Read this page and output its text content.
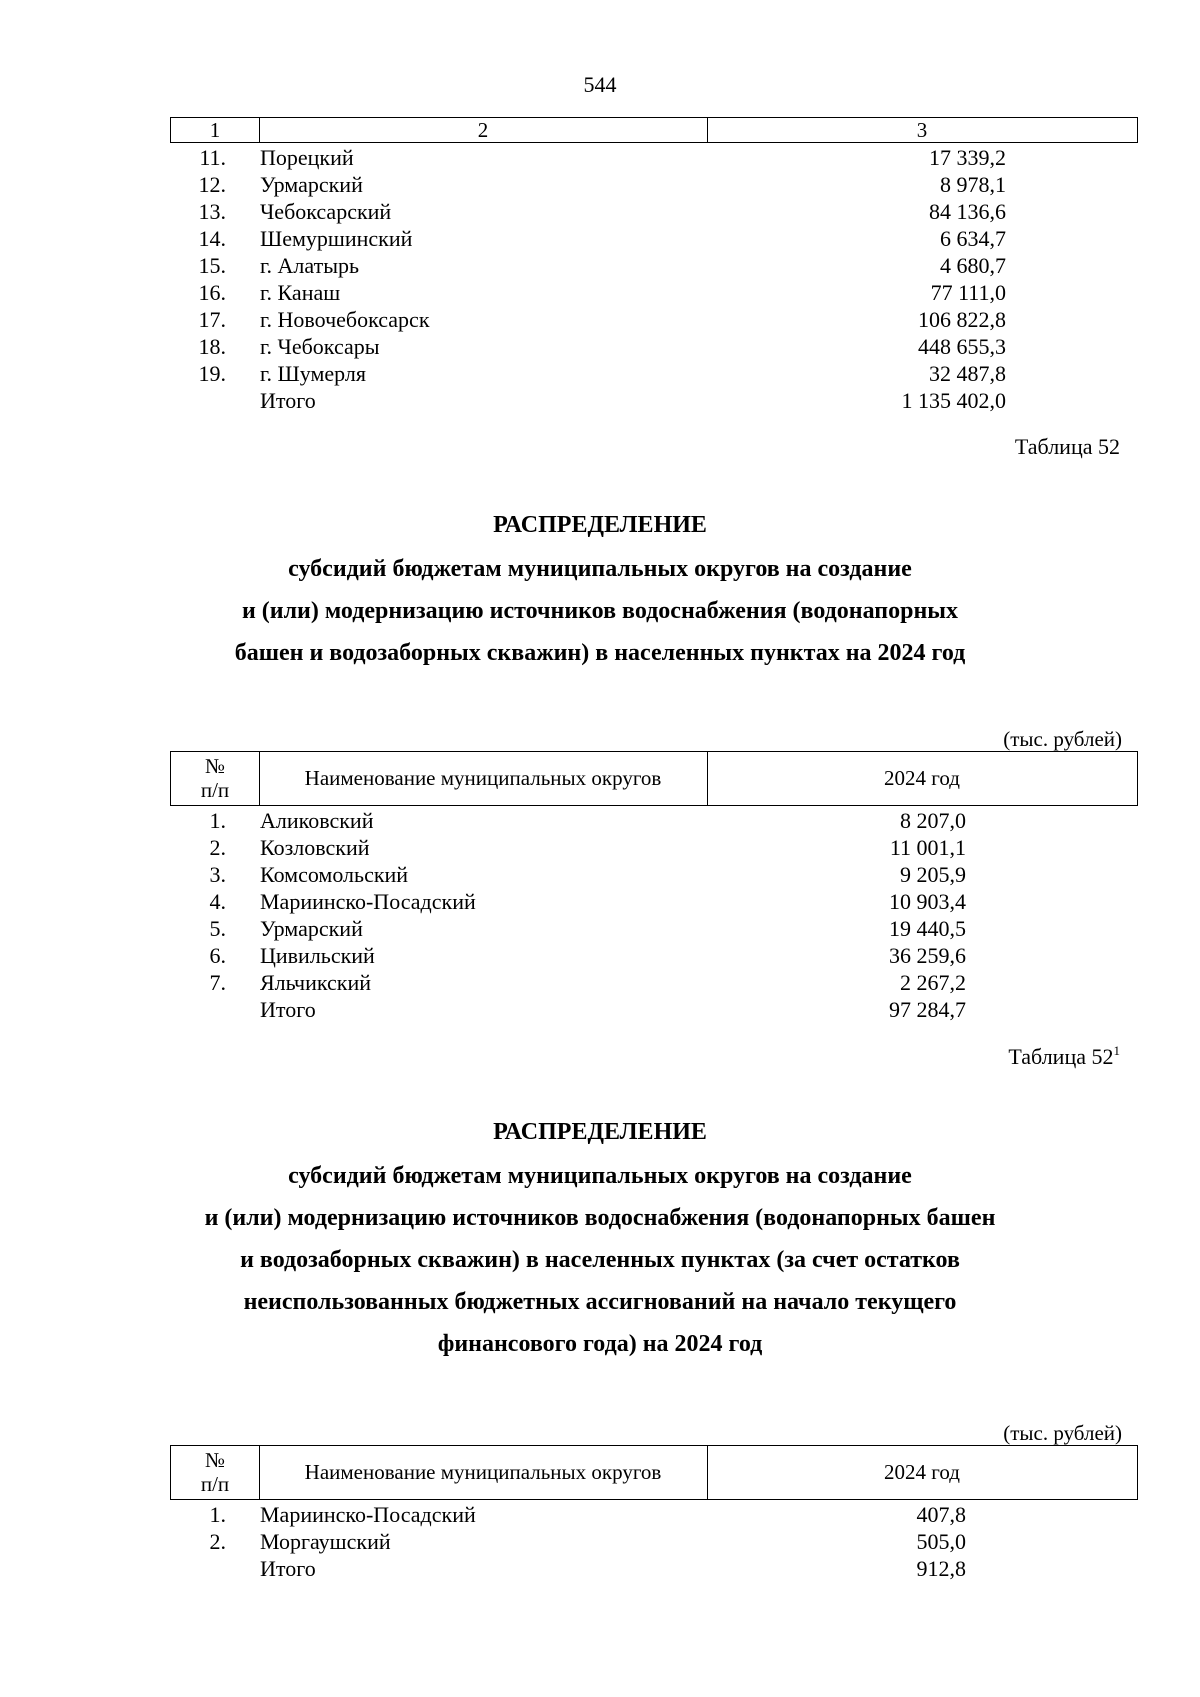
544
1	2	3
11. Порецкий	17 339,2
12. Урмарский	8 978,1
13. Чебоксарский	84 136,6
14. Шемуршинский	6 634,7
15. г. Алатырь	4 680,7
16. г. Канаш	77 111,0
17. г. Новочебоксарск	106 822,8
18. г. Чебоксары	448 655,3
19. г. Шумерля	32 487,8
Итого	1 135 402,0
Таблица 52
РАСПРЕДЕЛЕНИЕ
субсидий бюджетам муниципальных округов на создание
и (или) модернизацию источников водоснабжения (водонапорных
башен и водозаборных скважин) в населенных пунктах на 2024 год
(тыс. рублей)
№
п/п	Наименование муниципальных округов	2024 год
1. Аликовский	8 207,0
2. Козловский	11 001,1
3. Комсомольский	9 205,9
4. Мариинско-Посадский	10 903,4
5. Урмарский	19 440,5
6. Цивильский	36 259,6
7. Яльчикский	2 267,2
Итого	97 284,7
Таблица $52^1$
РАСПРЕДЕЛЕНИЕ
субсидий бюджетам муниципальных округов на создание
и (или) модернизацию источников водоснабжения (водонапорных башен
и водозаборных скважин) в населенных пунктах (за счет остатков
неиспользованных бюджетных ассигнований на начало текущего
финансового года) на 2024 год
(тыс. рублей)
№
п/п	Наименование муниципальных округов	2024 год
1. Мариинско-Посадский	407,8
2. Моргаушский	505,0
Итого	912,8
